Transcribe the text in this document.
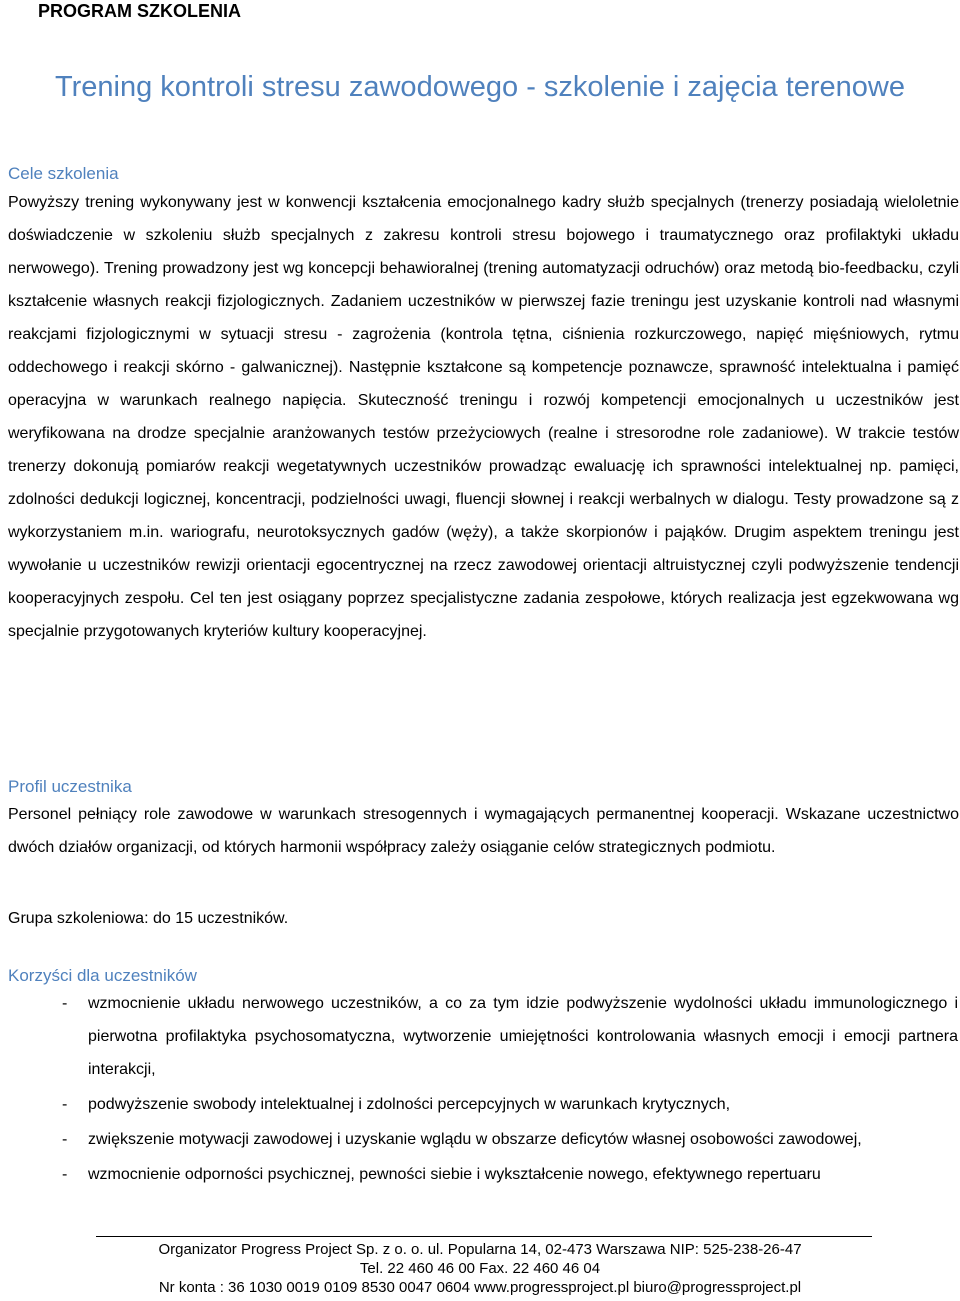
PROGRAM SZKOLENIA
Trening kontroli stresu zawodowego - szkolenie i zajęcia terenowe
Cele szkolenia

Powyższy trening wykonywany jest w konwencji kształcenia emocjonalnego kadry służb specjalnych (trenerzy posiadają wieloletnie doświadczenie w szkoleniu służb specjalnych z zakresu kontroli stresu bojowego i traumatycznego oraz profilaktyki układu nerwowego). Trening prowadzony jest wg koncepcji behawioralnej (trening automatyzacji odruchów) oraz metodą bio-feedbacku, czyli kształcenie własnych reakcji fizjologicznych. Zadaniem uczestników w pierwszej fazie treningu jest uzyskanie kontroli nad własnymi reakcjami fizjologicznymi w sytuacji stresu - zagrożenia (kontrola tętna, ciśnienia rozkurczowego, napięć mięśniowych, rytmu oddechowego i reakcji skórno - galwanicznej). Następnie kształcone są kompetencje poznawcze, sprawność intelektualna i pamięć operacyjna w warunkach realnego napięcia. Skuteczność treningu i rozwój kompetencji emocjonalnych u uczestników jest weryfikowana na drodze specjalnie aranżowanych testów przeżyciowych (realne i stresorodne role zadaniowe). W trakcie testów trenerzy dokonują pomiarów reakcji wegetatywnych uczestników prowadząc ewaluację ich sprawności intelektualnej np. pamięci, zdolności dedukcji logicznej, koncentracji, podzielności uwagi, fluencji słownej i reakcji werbalnych w dialogu. Testy prowadzone są z wykorzystaniem m.in. wariografu, neurotoksycznych gadów (węży), a także skorpionów i pająków. Drugim aspektem treningu jest wywołanie u uczestników rewizji orientacji egocentrycznej na rzecz zawodowej orientacji altruistycznej czyli podwyższenie tendencji kooperacyjnych zespołu. Cel ten jest osiągany poprzez specjalistyczne zadania zespołowe, których realizacja jest egzekwowana wg specjalnie przygotowanych kryteriów kultury kooperacyjnej.

Profil uczestnika

Personel pełniący role zawodowe w warunkach stresogennych i wymagających permanentnej kooperacji. Wskazane uczestnictwo dwóch działów organizacji, od których harmonii współpracy zależy osiąganie celów strategicznych podmiotu.

Grupa szkoleniowa: do 15 uczestników.

Korzyści dla uczestników
- wzmocnienie układu nerwowego uczestników, a co za tym idzie podwyższenie wydolności układu immunologicznego i pierwotna profilaktyka psychosomatyczna, wytworzenie umiejętności kontrolowania własnych emocji i emocji partnera interakcji,
- podwyższenie swobody intelektualnej i zdolności percepcyjnych w warunkach krytycznych,
- zwiększenie motywacji zawodowej i uzyskanie wglądu w obszarze deficytów własnej osobowości zawodowej,
- wzmocnienie odporności psychicznej, pewności siebie i wykształcenie nowego, efektywnego repertuaru
Organizator Progress Project Sp. z o. o. ul. Popularna 14, 02-473 Warszawa NIP: 525-238-26-47
Tel. 22 460 46 00 Fax. 22 460 46 04
Nr konta : 36 1030 0019 0109 8530 0047 0604 www.progressproject.pl biuro@progressproject.pl
